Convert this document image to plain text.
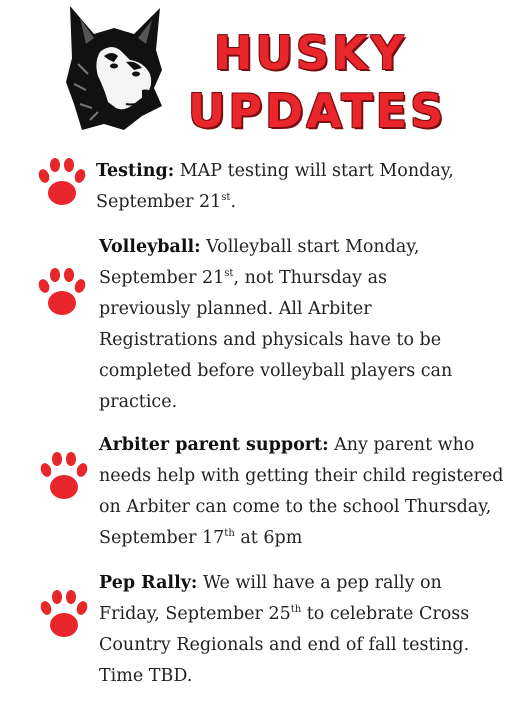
HUSKY
UPDATES

Testing: MAP testing will start Monday, September 21st.

Volleyball: Volleyball start Monday, September 21st, not Thursday as previously planned. All Arbiter Registrations and physicals have to be completed before volleyball players can practice.

Arbiter parent support: Any parent who needs help with getting their child registered on Arbiter can come to the school Thursday, September 17th at 6pm

Pep Rally: We will have a pep rally on Friday, September 25th to celebrate Cross Country Regionals and end of fall testing. Time TBD.
